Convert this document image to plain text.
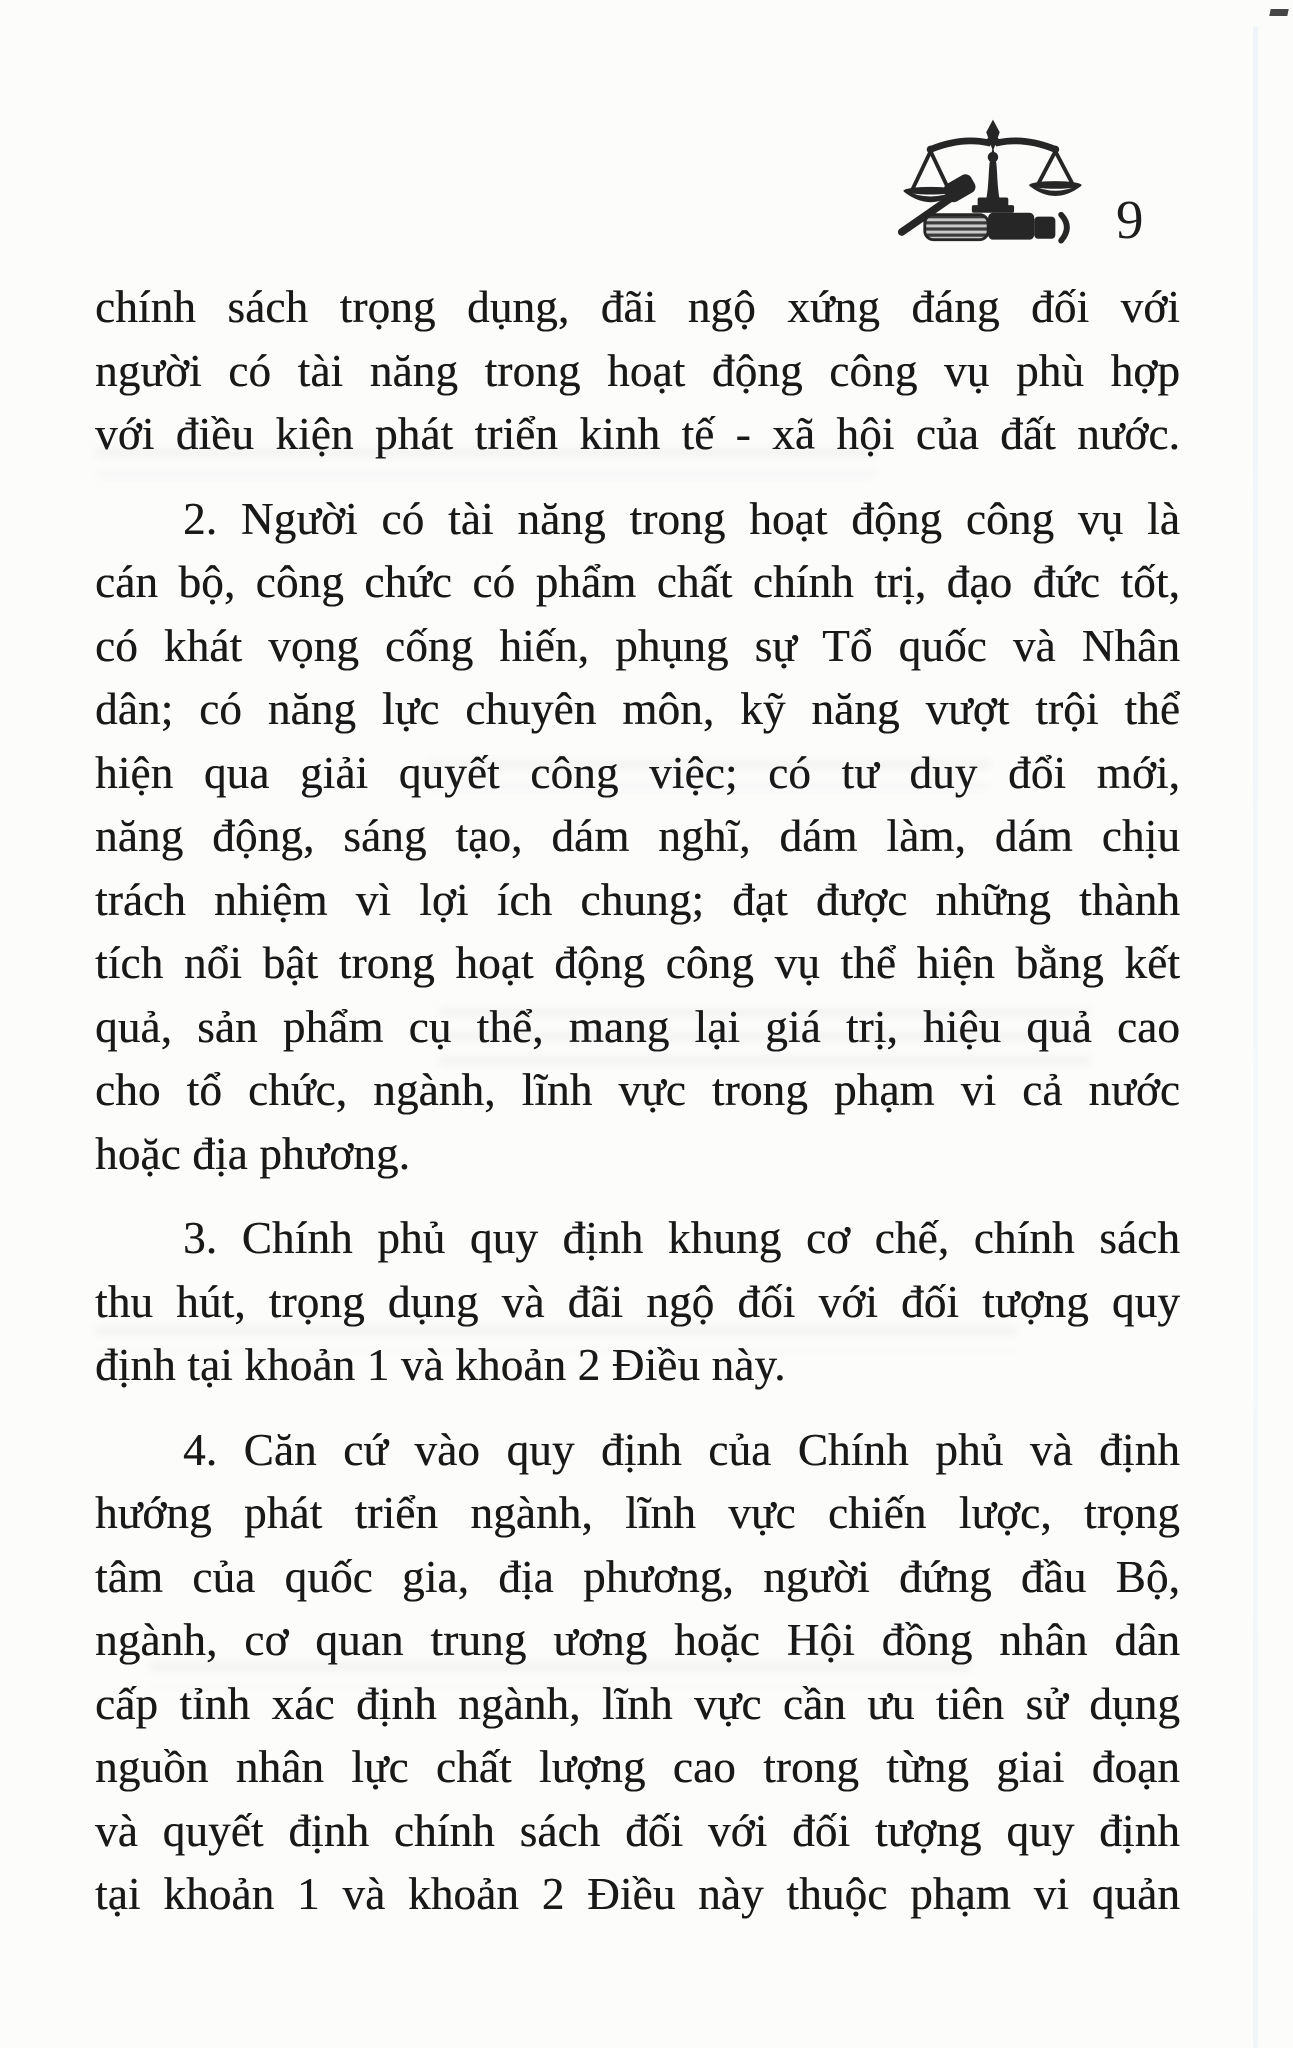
9

chính sách trọng dụng, đãi ngộ xứng đáng đối với
người có tài năng trong hoạt động công vụ phù hợp
với điều kiện phát triển kinh tế - xã hội của đất nước.

2. Người có tài năng trong hoạt động công vụ là
cán bộ, công chức có phẩm chất chính trị, đạo đức tốt,
có khát vọng cống hiến, phụng sự Tổ quốc và Nhân
dân; có năng lực chuyên môn, kỹ năng vượt trội thể
hiện qua giải quyết công việc; có tư duy đổi mới,
năng động, sáng tạo, dám nghĩ, dám làm, dám chịu
trách nhiệm vì lợi ích chung; đạt được những thành
tích nổi bật trong hoạt động công vụ thể hiện bằng kết
quả, sản phẩm cụ thể, mang lại giá trị, hiệu quả cao
cho tổ chức, ngành, lĩnh vực trong phạm vi cả nước
hoặc địa phương.

3. Chính phủ quy định khung cơ chế, chính sách
thu hút, trọng dụng và đãi ngộ đối với đối tượng quy
định tại khoản 1 và khoản 2 Điều này.

4. Căn cứ vào quy định của Chính phủ và định
hướng phát triển ngành, lĩnh vực chiến lược, trọng
tâm của quốc gia, địa phương, người đứng đầu Bộ,
ngành, cơ quan trung ương hoặc Hội đồng nhân dân
cấp tỉnh xác định ngành, lĩnh vực cần ưu tiên sử dụng
nguồn nhân lực chất lượng cao trong từng giai đoạn
và quyết định chính sách đối với đối tượng quy định
tại khoản 1 và khoản 2 Điều này thuộc phạm vi quản
